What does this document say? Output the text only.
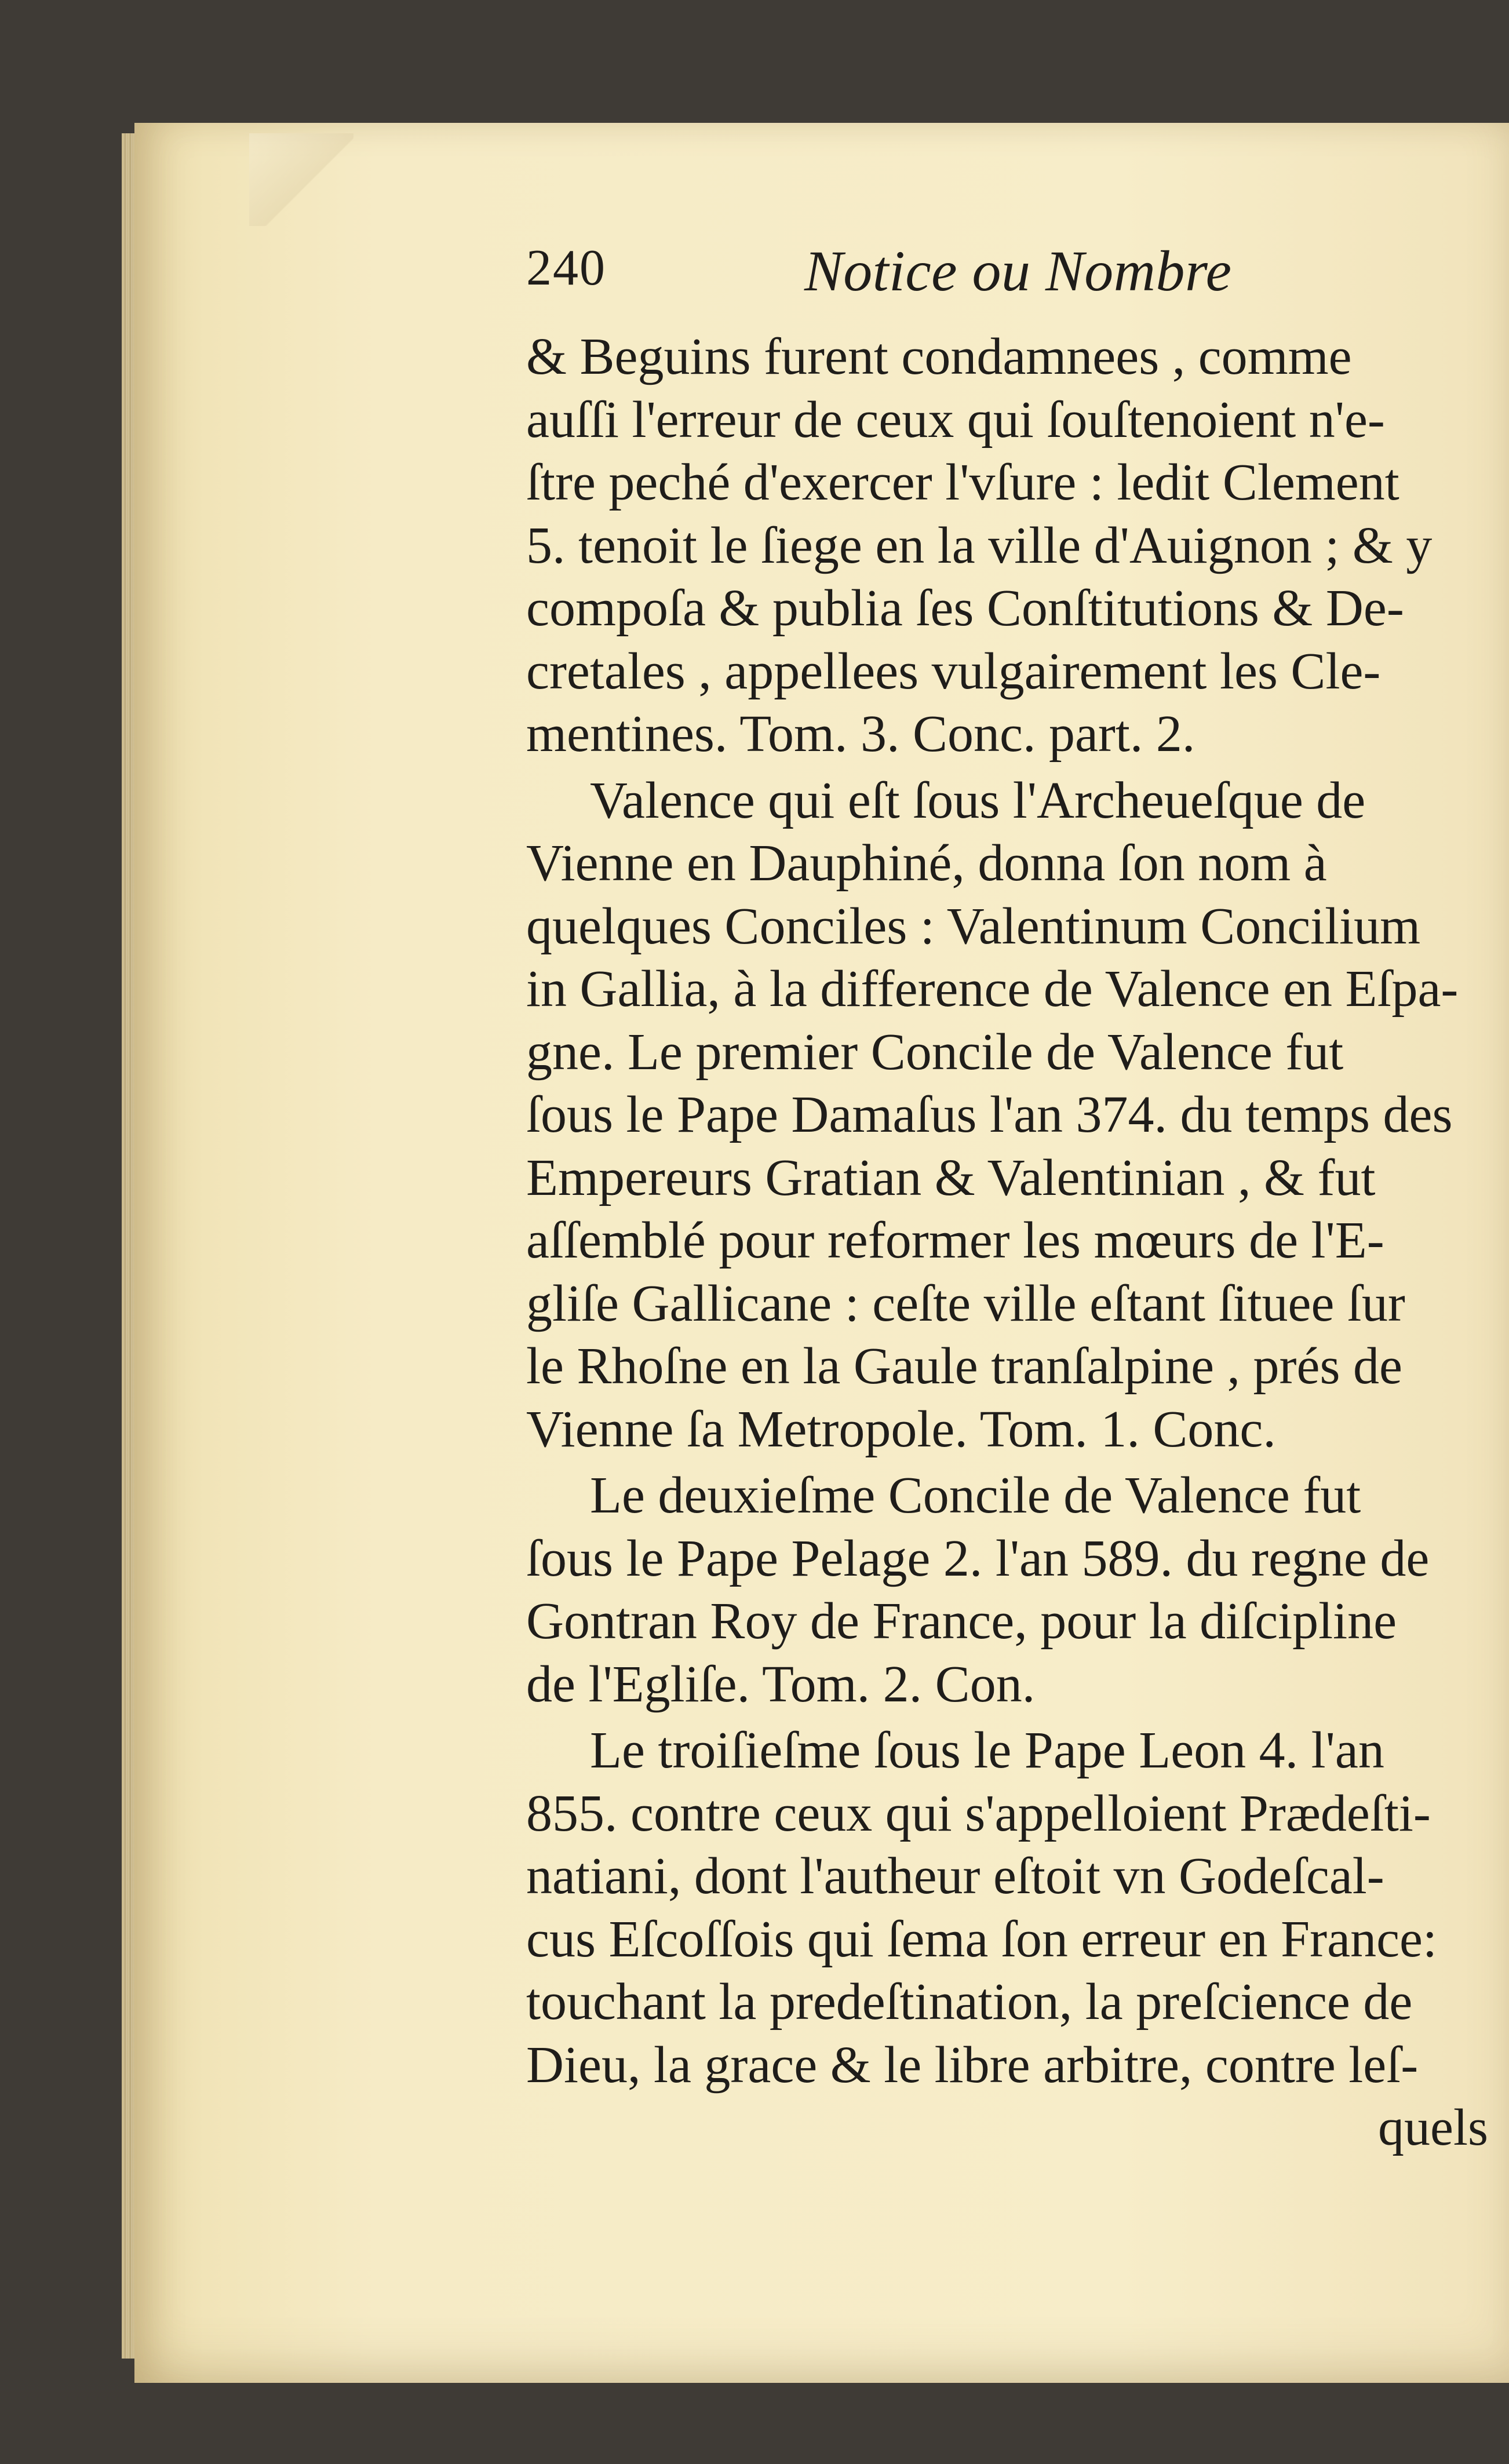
240	Notice ou Nombre
& Beguins furent condamnees , comme
auſſi l'erreur de ceux qui ſouſtenoient n'e-
ſtre peché d'exercer l'vſure : ledit Clement
5. tenoit le ſiege en la ville d'Auignon ; & y
compoſa & publia ſes Conſtitutions & De-
cretales , appellees vulgairement les Cle-
mentines. Tom. 3. Conc. part. 2.
Valence qui eſt ſous l'Archeueſque de
Vienne en Dauphiné, donna ſon nom à
quelques Conciles : Valentinum Concilium
in Gallia, à la difference de Valence en Eſpa-
gne. Le premier Concile de Valence fut
ſous le Pape Damaſus l'an 374. du temps des
Empereurs Gratian & Valentinian , & fut
aſſemblé pour reformer les mœurs de l'E-
gliſe Gallicane : ceſte ville eſtant ſituee ſur
le Rhoſne en la Gaule tranſalpine , prés de
Vienne ſa Metropole. Tom. 1. Conc.
Le deuxieſme Concile de Valence fut
ſous le Pape Pelage 2. l'an 589. du regne de
Gontran Roy de France, pour la diſcipline
de l'Egliſe. Tom. 2. Con.
Le troiſieſme ſous le Pape Leon 4. l'an
855. contre ceux qui s'appelloient Prædeſti-
natiani, dont l'autheur eſtoit vn Godeſcal-
cus Eſcoſſois qui ſema ſon erreur en France:
touchant la predeſtination, la preſcience de
Dieu, la grace & le libre arbitre, contre leſ-
quels
